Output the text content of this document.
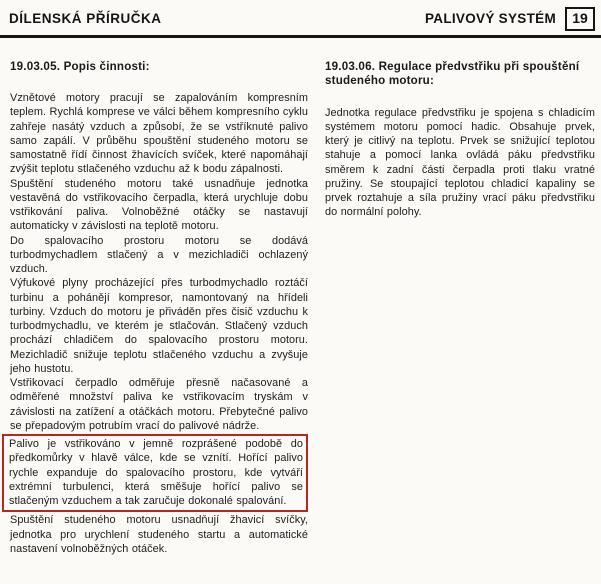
DÍLENSKÁ PŘÍRUČKA	PALIVOVÝ SYSTÉM	19
19.03.05. Popis činnosti:

Vznětové motory pracují se zapalováním kompresním teplem. Rychlá komprese ve válci během kompresního cyklu zahřeje nasátý vzduch a způsobí, že se vstříknuté palivo samo zapálí. V průběhu spouštění studeného motoru se samostatně řídí činnost žhavících svíček, které napomáhají zvýšit teplotu stlačeného vzduchu až k bodu zápalnosti.

Spuštění studeného motoru také usnadňuje jednotka vestavěná do vstřikovacího čerpadla, která urychluje dobu vstřikování paliva. Volnoběžné otáčky se nastavují automaticky v závislosti na teplotě motoru.

Do spalovacího prostoru motoru se dodává turbodmychadlem stlačený a v mezichladiči ochlazený vzduch.

Výfukové plyny procházející přes turbodmychadlo roztáčí turbinu a pohánějí kompresor, namontovaný na hřídeli turbiny. Vzduch do motoru je přiváděn přes čisič vzduchu k turbodmychadlu, ve kterém je stlačován. Stlačený vzduch prochází chladičem do spalovacího prostoru motoru. Mezichladič snižuje teplotu stlačeného vzduchu a zvyšuje jeho hustotu.

Vstřikovací čerpadlo odměřuje přesně načasované a odměřené množství paliva ke vstřikovacím tryskám v závislosti na zatížení a otáčkách motoru. Přebytečné palivo se přepadovým potrubím vrací do palivové nádrže.

Palivo je vstřikováno v jemně rozprášené podobě do předkomůrky v hlavě válce, kde se vznítí. Hořící palivo rychle expanduje do spalovacího prostoru, kde vytváří extrémní turbulenci, která směšuje hořící palivo se stlačeným vzduchem a tak zaručuje dokonalé spalování.

Spuštění studeného motoru usnadňují žhavicí svíčky, jednotka pro urychlení studeného startu a automatické nastavení volnoběžných otáček.

19.03.06. Regulace předvstřiku při spouštění studeného motoru:

Jednotka regulace předvstřiku je spojena s chladicím systémem motoru pomocí hadic. Obsahuje prvek, který je citlivý na teplotu. Prvek se snižující teplotou stahuje a pomocí lanka ovládá páku předvstřiku směrem k zadní části čerpadla proti tlaku vratné pružiny. Se stoupající teplotou chladicí kapaliny se prvek roztahuje a síla pružiny vrací páku předvstřiku do normální polohy.
